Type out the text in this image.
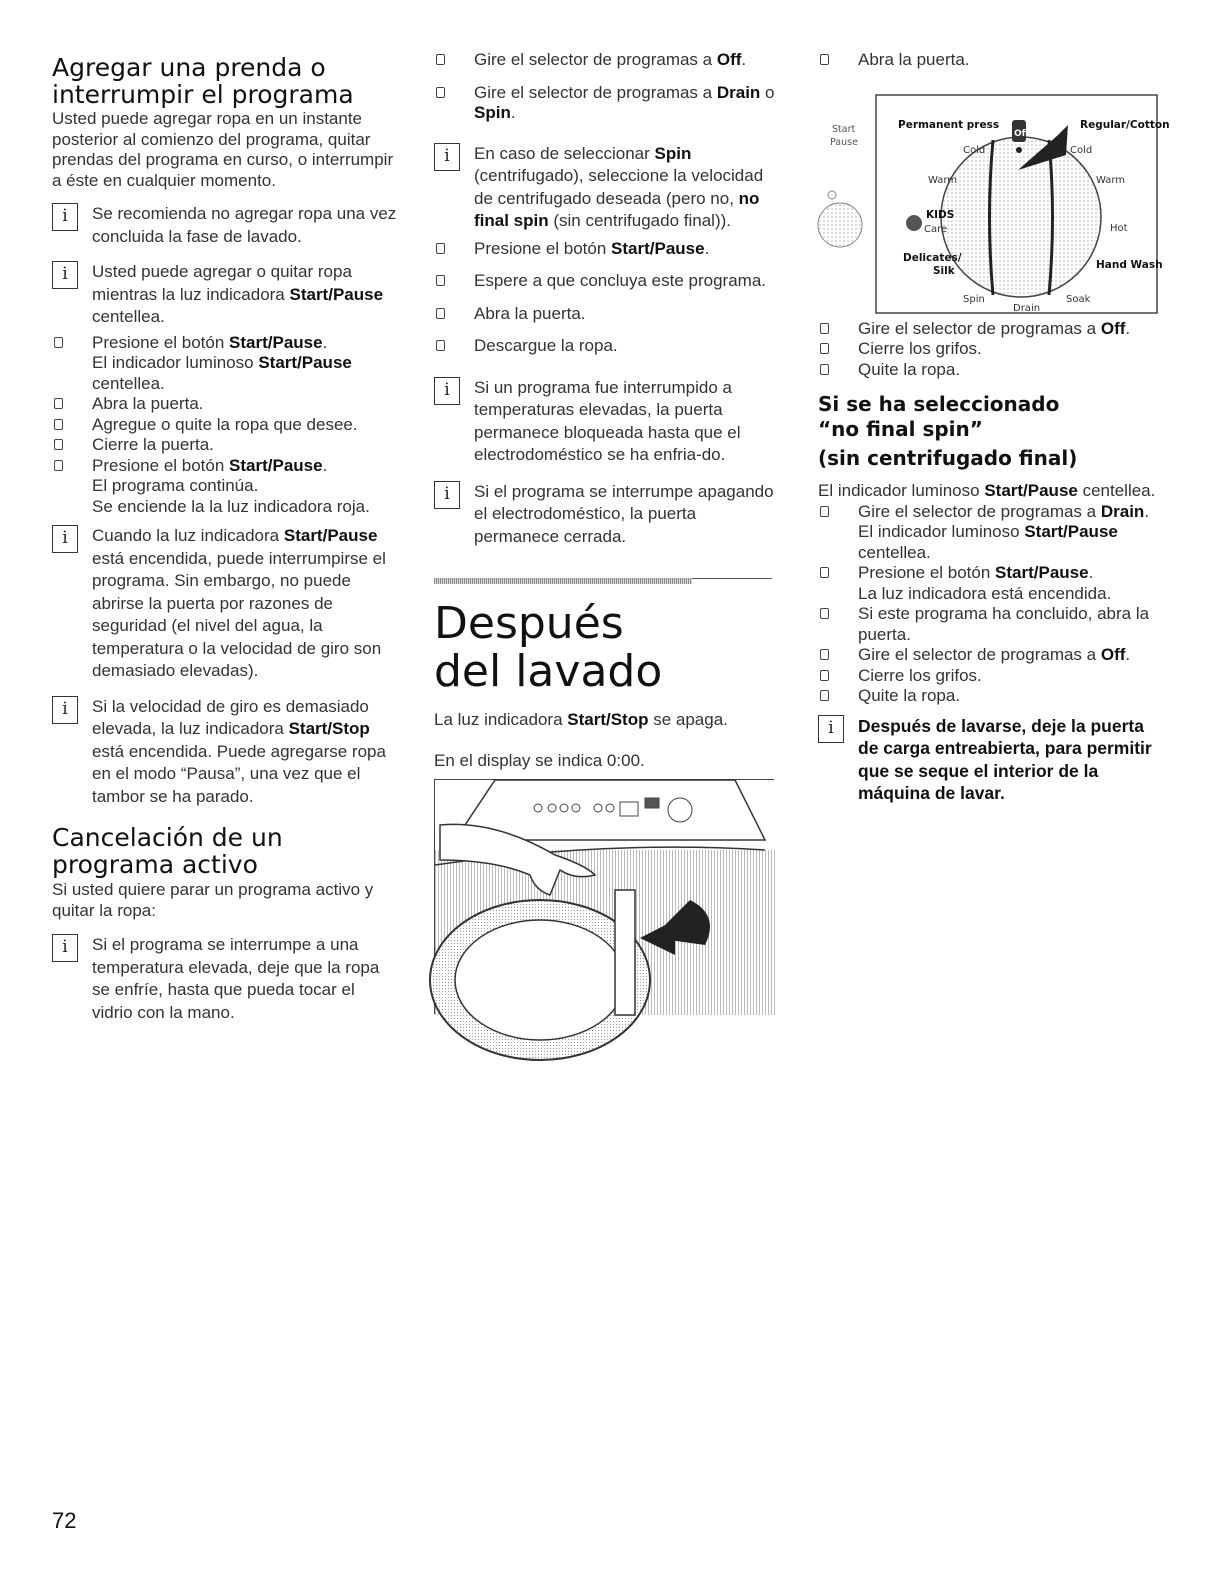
Agregar una prenda o
interrumpir el programa

Usted puede agregar ropa en un instante posterior al comienzo del programa, quitar prendas del programa en curso, o interrumpir a éste en cualquier momento.

i	Se recomienda no agregar ropa una vez concluida la fase de lavado.
i	Usted puede agregar o quitar ropa mientras la luz indicadora Start/Pause centellea.
Presione el botón Start/Pause.
El indicador luminoso Start/Pause centellea.
Abra la puerta.
Agregue o quite la ropa que desee.
Cierre la puerta.
Presione el botón Start/Pause.
El programa continúa.
Se enciende la la luz indicadora roja.
i	Cuando la luz indicadora Start/Pause está encendida, puede interrumpirse el programa. Sin embargo, no puede abrirse la puerta por razones de seguridad (el nivel del agua, la temperatura o la velocidad de giro son demasiado elevadas).
i	Si la velocidad de giro es demasiado elevada, la luz indicadora Start/Stop está encendida. Puede agregarse ropa en el modo “Pausa”, una vez que el tambor se ha parado.
Cancelación de un
programa activo

Si usted quiere parar un programa activo y quitar la ropa:

i	Si el programa se interrumpe a una temperatura elevada, deje que la ropa se enfríe, hasta que pueda tocar el vidrio con la mano.
Gire el selector de programas a Off.
Gire el selector de programas a Drain o Spin.
i	En caso de seleccionar Spin (centrifugado), seleccione la velocidad de centrifugado deseada (pero no, no final spin (sin centrifugado final)).
Presione el botón Start/Pause.
Espere a que concluya este programa.
Abra la puerta.
Descargue la ropa.
i	Si un programa fue interrumpido a temperaturas elevadas, la puerta permanece bloqueada hasta que el electrodoméstico se ha enfria-do.
i	Si el programa se interrumpe apagando el electrodoméstico, la puerta permanece cerrada.
Después
del lavado

La luz indicadora Start/Stop se apaga.

En el display se indica 0:00.

Abra la puerta.
Start
Pause
Permanent press
Off
Regular/Cotton
Cold	Cold
Warm	Warm
KIDS
Care	Hot
Delicates/
Silk	Hand Wash
Spin	Soak
Drain
Gire el selector de programas a Off.
Cierre los grifos.
Quite la ropa.
Si se ha seleccionado
“no final spin”
(sin centrifugado final)

El indicador luminoso Start/Pause centellea.

Gire el selector de programas a Drain. El indicador luminoso Start/Pause centellea.
Presione el botón Start/Pause.
La luz indicadora está encendida.
Si este programa ha concluido, abra la puerta.
Gire el selector de programas a Off.
Cierre los grifos.
Quite la ropa.
i	Después de lavarse, deje la puerta de carga entreabierta, para permitir que se seque el interior de la máquina de lavar.
72
